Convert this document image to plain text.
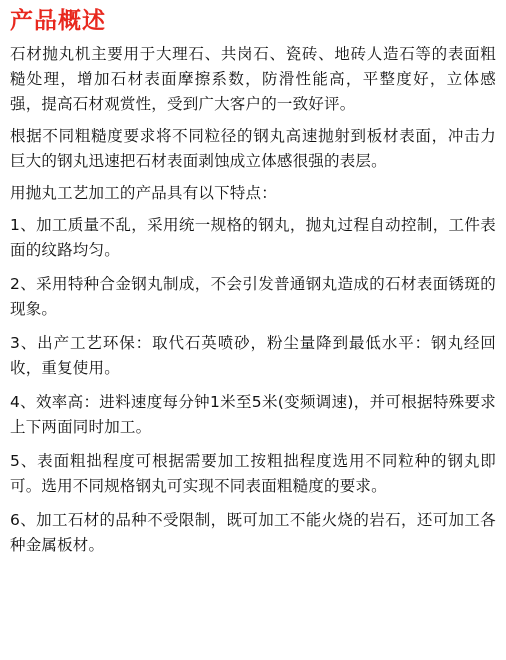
产品概述

石材抛丸机主要用于大理石、共岗石、瓷砖、地砖人造石等的表面粗糙处理，增加石材表面摩擦系数，防滑性能高，平整度好，立体感强，提高石材观赏性，受到广大客户的一致好评。

根据不同粗糙度要求将不同粒径的钢丸高速抛射到板材表面，冲击力巨大的钢丸迅速把石材表面剥蚀成立体感很强的表层。

用抛丸工艺加工的产品具有以下特点：

1、加工质量不乱，采用统一规格的钢丸，抛丸过程自动控制，工件表面的纹路均匀。
2、采用特种合金钢丸制成，不会引发普通钢丸造成的石材表面锈斑的现象。
3、出产工艺环保：取代石英喷砂，粉尘量降到最低水平：钢丸经回收，重复使用。
4、效率高：进料速度每分钟1米至5米(变频调速)，并可根据特殊要求上下两面同时加工。
5、表面粗拙程度可根据需要加工按粗拙程度选用不同粒种的钢丸即可。选用不同规格钢丸可实现不同表面粗糙度的要求。
6、加工石材的品种不受限制，既可加工不能火烧的岩石，还可加工各种金属板材。
